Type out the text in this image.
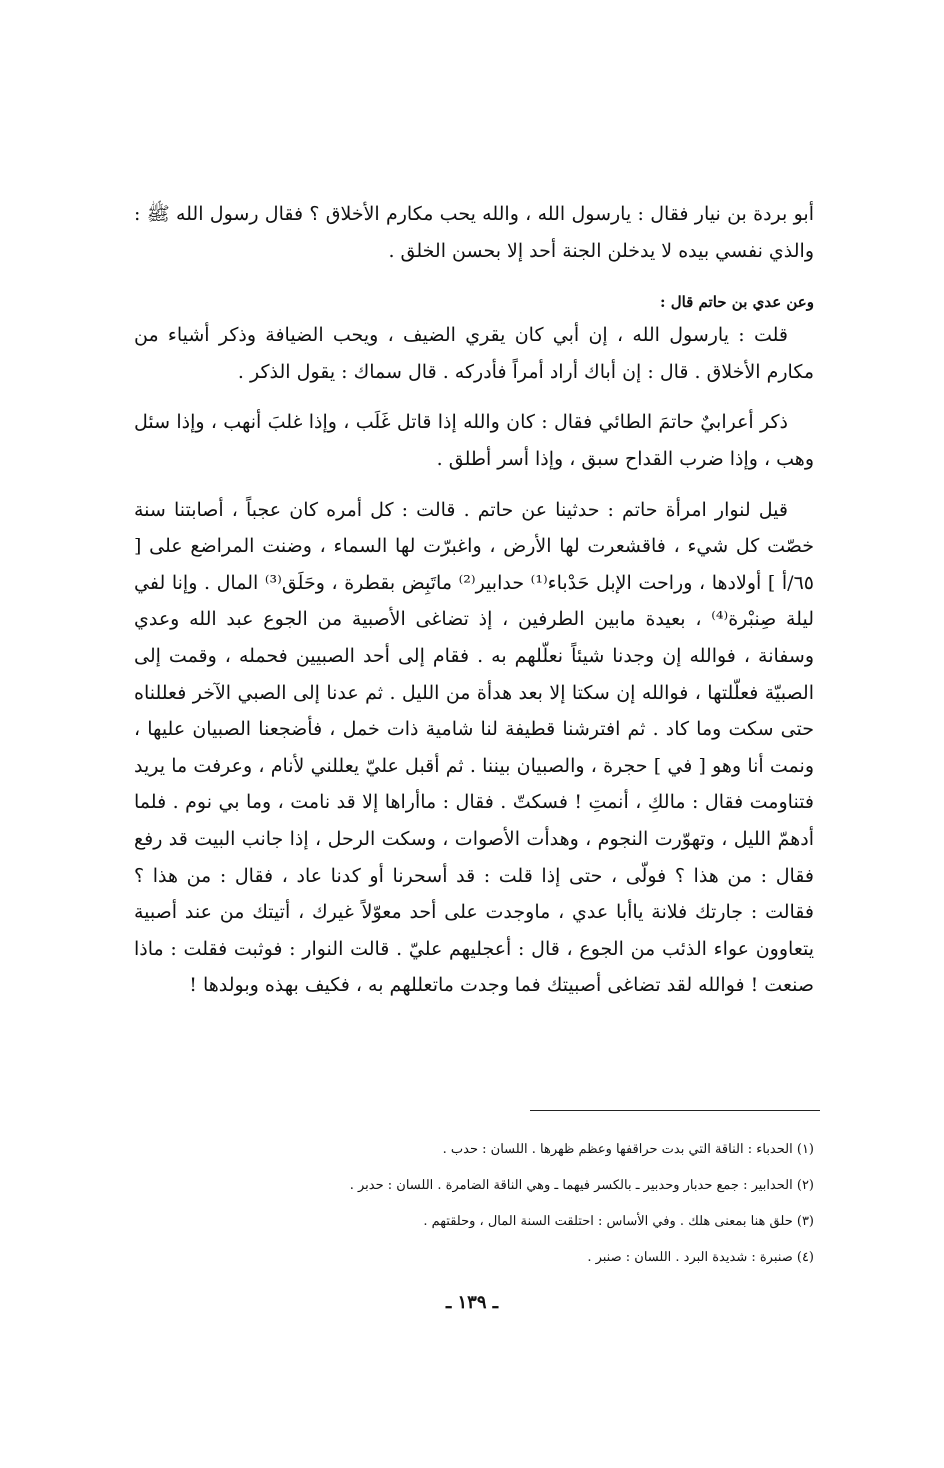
أبو بردة بن نيار فقال : يارسول الله ، والله يحب مكارم الأخلاق ؟ فقال رسول الله ﷺ : والذي نفسي بيده لا يدخلن الجنة أحد إلا بحسن الخلق .

وعن عدي بن حاتم قال :

قلت : يارسول الله ، إن أبي كان يقري الضيف ، ويحب الضيافة وذكر أشياء من مكارم الأخلاق . قال : إن أباك أراد أمراً فأدركه . قال سماك : يقول الذكر .

ذكر أعرابيٌ حاتمَ الطائي فقال : كان والله إذا قاتل غَلَب ، وإذا غلبَ أنهب ، وإذا سئل وهب ، وإذا ضرب القداح سبق ، وإذا أسر أطلق .

قيل لنوار امرأة حاتم : حدثينا عن حاتم . قالت : كل أمره كان عجباً ، أصابتنا سنة خصّت كل شيء ، فاقشعرت لها الأرض ، واغبرّت لها السماء ، وضنت المراضع على [ ٦٥/أ ] أولادها ، وراحت الإبل حَدْباء⁽¹⁾ حدابير⁽²⁾ ماتَبِض بقطرة ، وحَلَق⁽³⁾ المال . وإنا لفي ليلة صِنبْرة⁽⁴⁾ ، بعيدة مابين الطرفين ، إذ تضاغى الأصبية من الجوع عبد الله وعدي وسفانة ، فوالله إن وجدنا شيئاً نعلّلهم به . فقام إلى أحد الصبيين فحمله ، وقمت إلى الصبيّة فعلّلتها ، فوالله إن سكتا إلا بعد هدأة من الليل . ثم عدنا إلى الصبي الآخر فعللناه حتى سكت وما كاد . ثم افترشنا قطيفة لنا شامية ذات خمل ، فأضجعنا الصبيان عليها ، ونمت أنا وهو [ في ] حجرة ، والصبيان بيننا . ثم أقبل عليّ يعللني لأنام ، وعرفت ما يريد فتناومت فقال : مالكِ ، أنمتِ ! فسكتّ . فقال : ماأراها إلا قد نامت ، وما بي نوم . فلما أدهمّ الليل ، وتهوّرت النجوم ، وهدأت الأصوات ، وسكت الرحل ، إذا جانب البيت قد رفع فقال : من هذا ؟ فولّى ، حتى إذا قلت : قد أسحرنا أو كدنا عاد ، فقال : من هذا ؟ فقالت : جارتك فلانة ياأبا عدي ، ماوجدت على أحد معوّلاً غيرك ، أتيتك من عند أصبية يتعاوون عواء الذئب من الجوع ، قال : أعجليهم عليّ . قالت النوار : فوثبت فقلت : ماذا صنعت ! فوالله لقد تضاغى أصبيتك فما وجدت ماتعللهم به ، فكيف بهذه وبولدها !

(١) الحدباء : الناقة التي بدت حراقفها وعظم ظهرها . اللسان : حدب .

(٢) الحدابير : جمع حدبار وحدبير ـ بالكسر فيهما ـ وهي الناقة الضامرة . اللسان : حدبر .

(٣) حلق هنا بمعنى هلك . وفي الأساس : احتلقت السنة المال ، وحلقتهم .

(٤) صنبرة : شديدة البرد . اللسان : صنبر .

ـ ١٣٩ ـ
